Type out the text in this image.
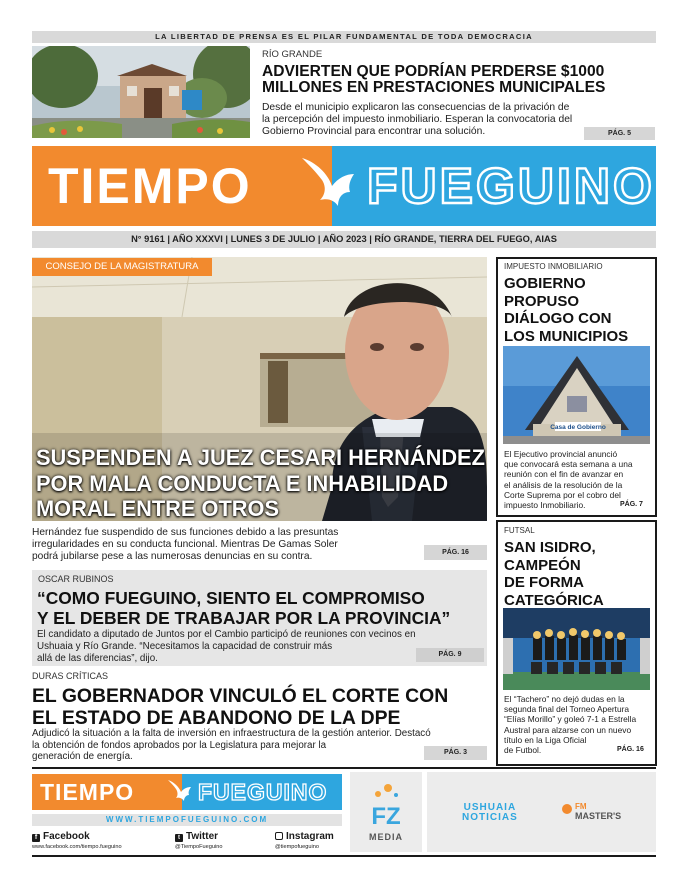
LA LIBERTAD DE PRENSA ES EL PILAR FUNDAMENTAL DE TODA DEMOCRACIA
RÍO GRANDE
ADVIERTEN QUE PODRÍAN PERDERSE $1000
MILLONES EN PRESTACIONES MUNICIPALES
Desde el municipio explicaron las consecuencias de la privación de
la percepción del impuesto inmobiliario. Esperan la convocatoria del
Gobierno Provincial para encontrar una solución.	PÁG. 5
TIEMPO FUEGUINO
N° 9161 | AÑO XXXVI | LUNES 3 DE JULIO | AÑO 2023 | RÍO GRANDE, TIERRA DEL FUEGO, AIAS
CONSEJO DE LA MAGISTRATURA
SUSPENDEN A JUEZ CESARI HERNÁNDEZ
POR MALA CONDUCTA E INHABILIDAD
MORAL ENTRE OTROS
Hernández fue suspendido de sus funciones debido a las presuntas
irregularidades en su conducta funcional. Mientras De Gamas Soler
podrá jubilarse pese a las numerosas denuncias en su contra.	PÁG. 16
OSCAR RUBINOS
“COMO FUEGUINO, SIENTO EL COMPROMISO
Y EL DEBER DE TRABAJAR POR LA PROVINCIA”
El candidato a diputado de Juntos por el Cambio participó de reuniones con vecinos en
Ushuaia y Río Grande. “Necesitamos la capacidad de construir más
allá de las diferencias”, dijo.	PÁG. 9
DURAS CRÍTICAS
EL GOBERNADOR VINCULÓ EL CORTE CON
EL ESTADO DE ABANDONO DE LA DPE
Adjudicó la situación a la falta de inversión en infraestructura de la gestión anterior. Destacó
la obtención de fondos aprobados por la Legislatura para mejorar la
generación de energía.	PÁG. 3
IMPUESTO INMOBILIARIO
GOBIERNO
PROPUSO
DIÁLOGO CON
LOS MUNICIPIOS
Casa de Gobierno
El Ejecutivo provincial anunció
que convocará esta semana a una
reunión con el fin de avanzar en
el análisis de la resolución de la
Corte Suprema por el cobro del
impuesto Inmobiliario.	PÁG. 7
FUTSAL
SAN ISIDRO,
CAMPEÓN
DE FORMA
CATEGÓRICA
El “Tachero” no dejó dudas en la
segunda final del Torneo Apertura
“Elías Morillo” y goleó 7-1 a Estrella
Austral para alzarse con un nuevo
título en la Liga Oficial
de Futbol.	PÁG. 16
TIEMPO	FUEGUINO
WWW.TIEMPOFUEGUINO.COM
f Facebook
www.facebook.com/tiempo.fueguino
t Twitter
@TiempoFueguino
Instagram
@tiempofueguino
FZ
MEDIA
USHUAIA
NOTICIAS
FM
MASTER'S
